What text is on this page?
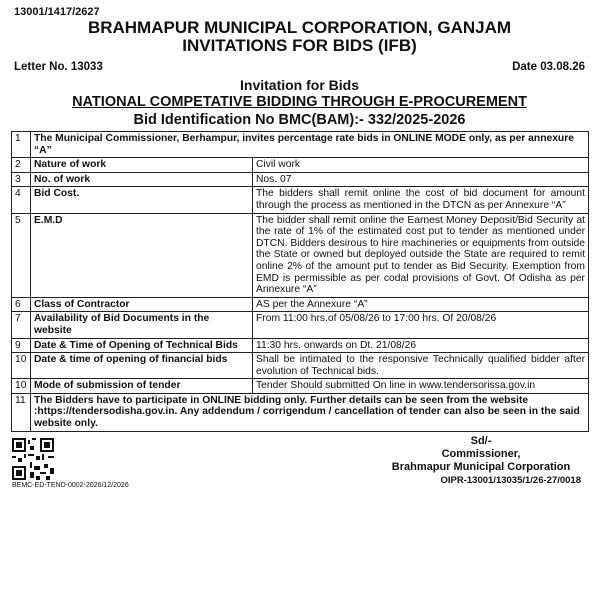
13001/1417/2627
BRAHMAPUR MUNICIPAL CORPORATION, GANJAM
INVITATIONS FOR BIDS (IFB)
Letter No. 13033	Date 03.08.26
Invitation for Bids
NATIONAL COMPETATIVE BIDDING THROUGH E-PROCUREMENT
Bid Identification No BMC(BAM):- 332/2025-2026
1	The Municipal Commissioner, Berhampur, invites percentage rate bids in ONLINE MODE only, as per annexure “A”	
2	Nature of work	Civil work
3	No. of work	Nos. 07
4	Bid Cost.	The bidders shall remit online the cost of bid document for amount through the process as mentioned in the DTCN as per Annexure “A”
5	E.M.D	The bidder shall remit online the Earnest Money Deposit/Bid Security at the rate of 1% of the estimated cost put to tender as mentioned under DTCN. Bidders desirous to hire machineries or equipments from outside the State or owned but deployed outside the State are required to remit online 2% of the amount put to tender as Bid Security. Exemption from EMD is permissible as per codal provisions of Govt. Of Odisha as per Annexure “A”
6	Class of Contractor	AS per the Annexure “A”
7	Availability of Bid Documents in the website	From 11:00 hrs.of 05/08/26 to 17:00 hrs. Of 20/08/26
9	Date & Time of Opening of Technical Bids	11:30 hrs. onwards on Dt. 21/08/26
10	Date & time of opening of financial bids	Shall be intimated to the responsive Technically qualified bidder after evolution of Technical bids.
10	Mode of submission of tender	Tender Should submitted On line in www.tendersorissa.gov.in
11	The Bidders have to participate in ONLINE bidding only. Further details can be seen from the website :https://tendersodisha.gov.in. Any addendum / corrigendum / cancellation of tender can also be seen in the said website only.	
BEMC-ED-TEND-0002-2026/12/2026
Sd/-
Commissioner,
Brahmapur Municipal Corporation
OIPR-13001/13035/1/26-27/0018
